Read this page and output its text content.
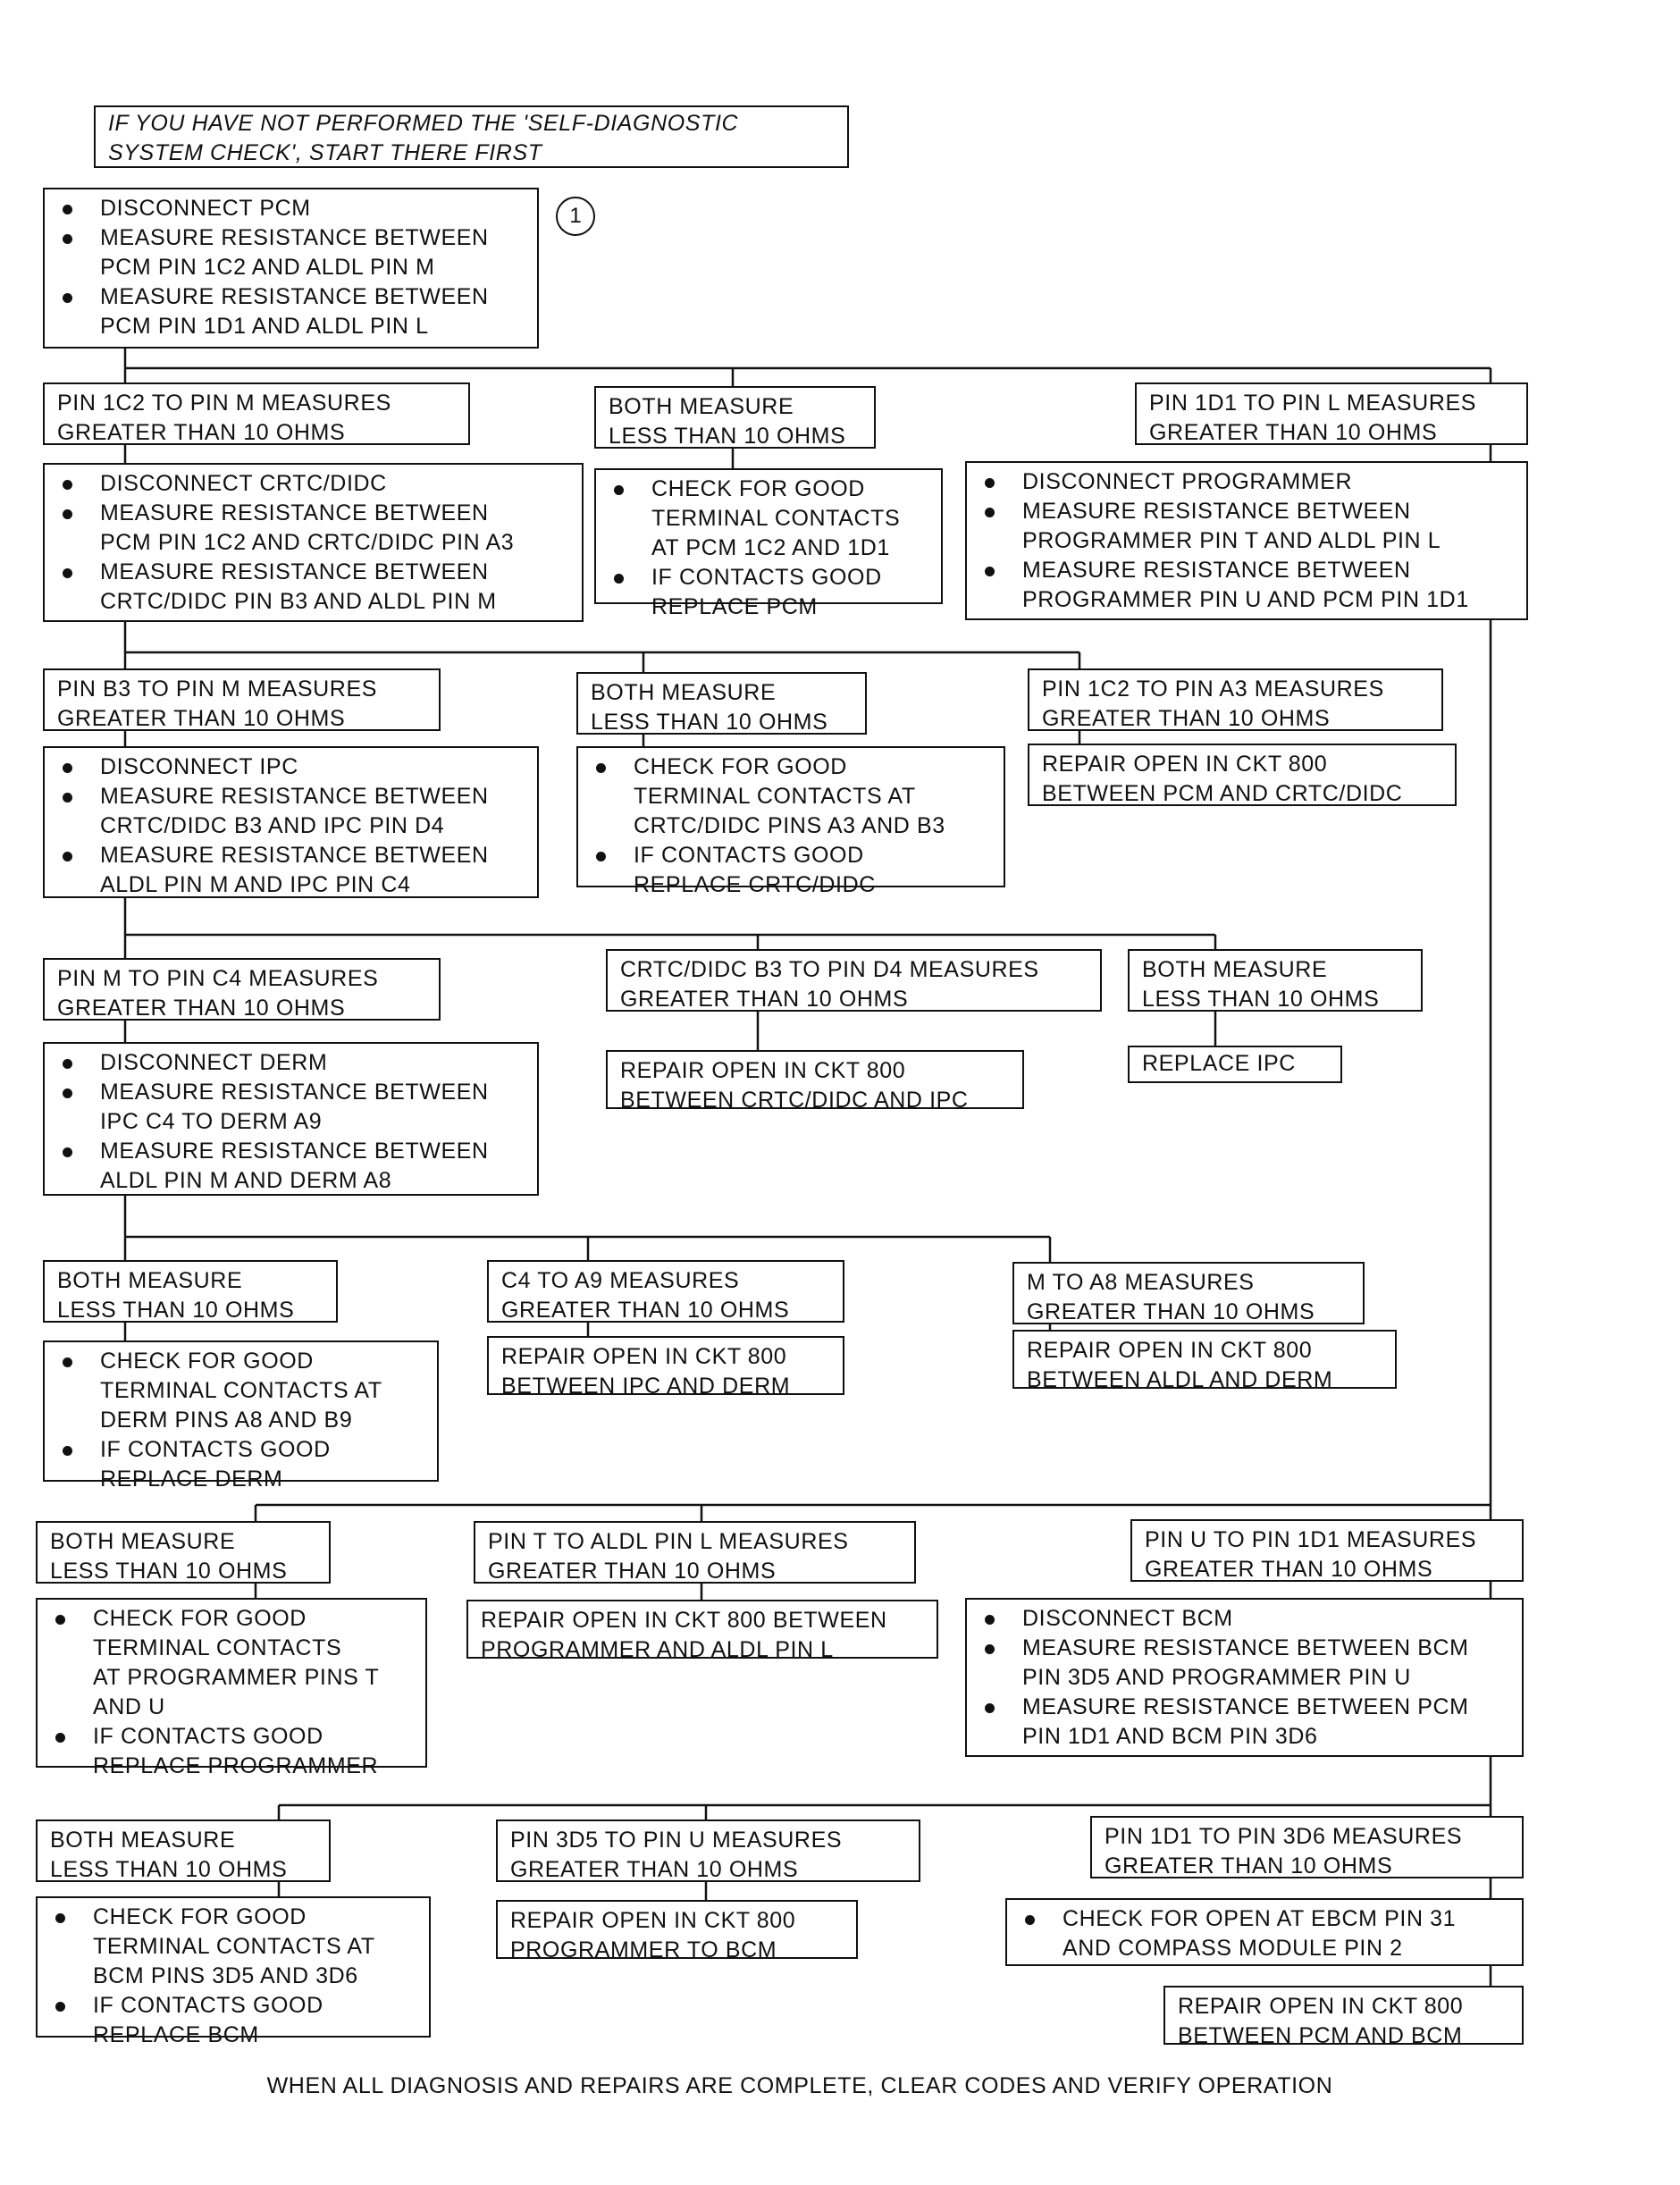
IF YOU HAVE NOT PERFORMED THE 'SELF-DIAGNOSTIC
SYSTEM CHECK', START THERE FIRST
DISCONNECT PCM
MEASURE RESISTANCE BETWEEN
PCM PIN 1C2 AND ALDL PIN M
MEASURE RESISTANCE BETWEEN
PCM PIN 1D1 AND ALDL PIN L
1
PIN 1C2 TO PIN M MEASURES
GREATER THAN 10 OHMS
BOTH MEASURE
LESS THAN 10 OHMS
PIN 1D1 TO PIN L MEASURES
GREATER THAN 10 OHMS
DISCONNECT CRTC/DIDC
MEASURE RESISTANCE BETWEEN
PCM PIN 1C2 AND CRTC/DIDC PIN A3
MEASURE RESISTANCE BETWEEN
CRTC/DIDC PIN B3 AND ALDL PIN M
CHECK FOR GOOD
TERMINAL CONTACTS
AT PCM 1C2 AND 1D1
IF CONTACTS GOOD
REPLACE PCM
DISCONNECT PROGRAMMER
MEASURE RESISTANCE BETWEEN
PROGRAMMER PIN T AND ALDL PIN L
MEASURE RESISTANCE BETWEEN
PROGRAMMER PIN U AND PCM PIN 1D1
PIN B3 TO PIN M MEASURES
GREATER THAN 10 OHMS
BOTH MEASURE
LESS THAN 10 OHMS
PIN 1C2 TO PIN A3 MEASURES
GREATER THAN 10 OHMS
DISCONNECT IPC
MEASURE RESISTANCE BETWEEN
CRTC/DIDC B3 AND IPC PIN D4
MEASURE RESISTANCE BETWEEN
ALDL PIN M AND IPC PIN C4
CHECK FOR GOOD
TERMINAL CONTACTS AT
CRTC/DIDC PINS A3 AND B3
IF CONTACTS GOOD
REPLACE CRTC/DIDC
REPAIR OPEN IN CKT 800
BETWEEN PCM AND CRTC/DIDC
PIN M TO PIN C4 MEASURES
GREATER THAN 10 OHMS
CRTC/DIDC B3 TO PIN D4 MEASURES
GREATER THAN 10 OHMS
BOTH MEASURE
LESS THAN 10 OHMS
DISCONNECT DERM
MEASURE RESISTANCE BETWEEN
IPC C4 TO DERM A9
MEASURE RESISTANCE BETWEEN
ALDL PIN M AND DERM A8
REPAIR OPEN IN CKT 800
BETWEEN CRTC/DIDC AND IPC
REPLACE IPC
BOTH MEASURE
LESS THAN 10 OHMS
C4 TO A9 MEASURES
GREATER THAN 10 OHMS
M TO A8 MEASURES
GREATER THAN 10 OHMS
CHECK FOR GOOD
TERMINAL CONTACTS AT
DERM PINS A8 AND B9
IF CONTACTS GOOD
REPLACE DERM
REPAIR OPEN IN CKT 800
BETWEEN IPC AND DERM
REPAIR OPEN IN CKT 800
BETWEEN ALDL AND DERM
BOTH MEASURE
LESS THAN 10 OHMS
PIN T TO ALDL PIN L MEASURES
GREATER THAN 10 OHMS
PIN U TO PIN 1D1 MEASURES
GREATER THAN 10 OHMS
CHECK FOR GOOD
TERMINAL CONTACTS
AT PROGRAMMER PINS T
AND U
IF CONTACTS GOOD
REPLACE PROGRAMMER
REPAIR OPEN IN CKT 800 BETWEEN
PROGRAMMER AND ALDL PIN L
DISCONNECT BCM
MEASURE RESISTANCE BETWEEN BCM
PIN 3D5 AND PROGRAMMER PIN U
MEASURE RESISTANCE BETWEEN PCM
PIN 1D1 AND BCM PIN 3D6
BOTH MEASURE
LESS THAN 10 OHMS
PIN 3D5 TO PIN U MEASURES
GREATER THAN 10 OHMS
PIN 1D1 TO PIN 3D6 MEASURES
GREATER THAN 10 OHMS
CHECK FOR GOOD
TERMINAL CONTACTS AT
BCM PINS 3D5 AND 3D6
IF CONTACTS GOOD
REPLACE BCM
REPAIR OPEN IN CKT 800
PROGRAMMER TO BCM
CHECK FOR OPEN AT EBCM PIN 31
AND COMPASS MODULE PIN 2
REPAIR OPEN IN CKT 800
BETWEEN PCM AND BCM
WHEN ALL DIAGNOSIS AND REPAIRS ARE COMPLETE, CLEAR CODES AND VERIFY OPERATION
